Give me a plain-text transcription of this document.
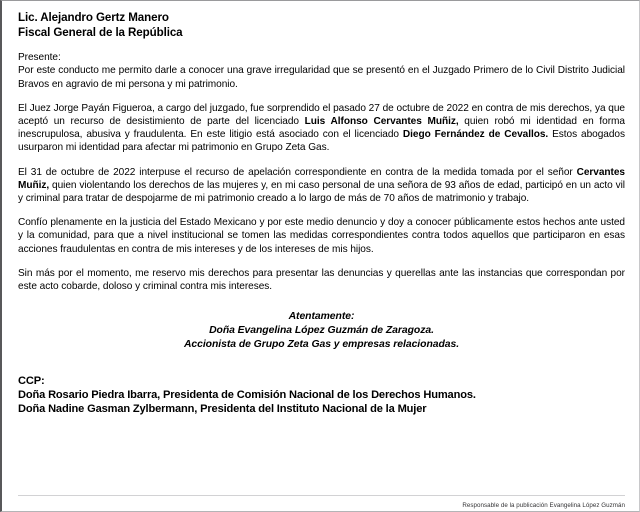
Lic. Alejandro Gertz Manero
Fiscal General de la República

Presente:

Por este conducto me permito darle a conocer una grave irregularidad que se presentó en el Juzgado Primero de lo Civil Distrito Judicial Bravos en agravio de mi persona y mi patrimonio.

El Juez Jorge Payán Figueroa, a cargo del juzgado, fue sorprendido el pasado 27 de octubre de 2022 en contra de mis derechos, ya que aceptó un recurso de desistimiento de parte del licenciado Luis Alfonso Cervantes Muñiz, quien robó mi identidad en forma inescrupulosa, abusiva y fraudulenta. En este litigio está asociado con el licenciado Diego Fernández de Cevallos. Estos abogados usurparon mi identidad para afectar mi patrimonio en Grupo Zeta Gas.

El 31 de octubre de 2022 interpuse el recurso de apelación correspondiente en contra de la medida tomada por el señor Cervantes Muñiz, quien violentando los derechos de las mujeres y, en mi caso personal de una señora de 93 años de edad, participó en un acto vil y criminal para tratar de despojarme de mi patrimonio creado a lo largo de más de 70 años de matrimonio y trabajo.

Confío plenamente en la justicia del Estado Mexicano y por este medio denuncio y doy a conocer públicamente estos hechos ante usted y la comunidad, para que a nivel institucional se tomen las medidas correspondientes contra todos aquellos que participaron en esas acciones fraudulentas en contra de mis intereses y de los intereses de mis hijos.

Sin más por el momento, me reservo mis derechos para presentar las denuncias y querellas ante las instancias que correspondan por este acto cobarde, doloso y criminal contra mis intereses.

Atentamente:
Doña Evangelina López Guzmán de Zaragoza.
Accionista de Grupo Zeta Gas y empresas relacionadas.
CCP:
Doña Rosario Piedra Ibarra, Presidenta de Comisión Nacional de los Derechos Humanos.
Doña Nadine Gasman Zylbermann, Presidenta del Instituto Nacional de la Mujer
Responsable de la publicación Evangelina López Guzmán
